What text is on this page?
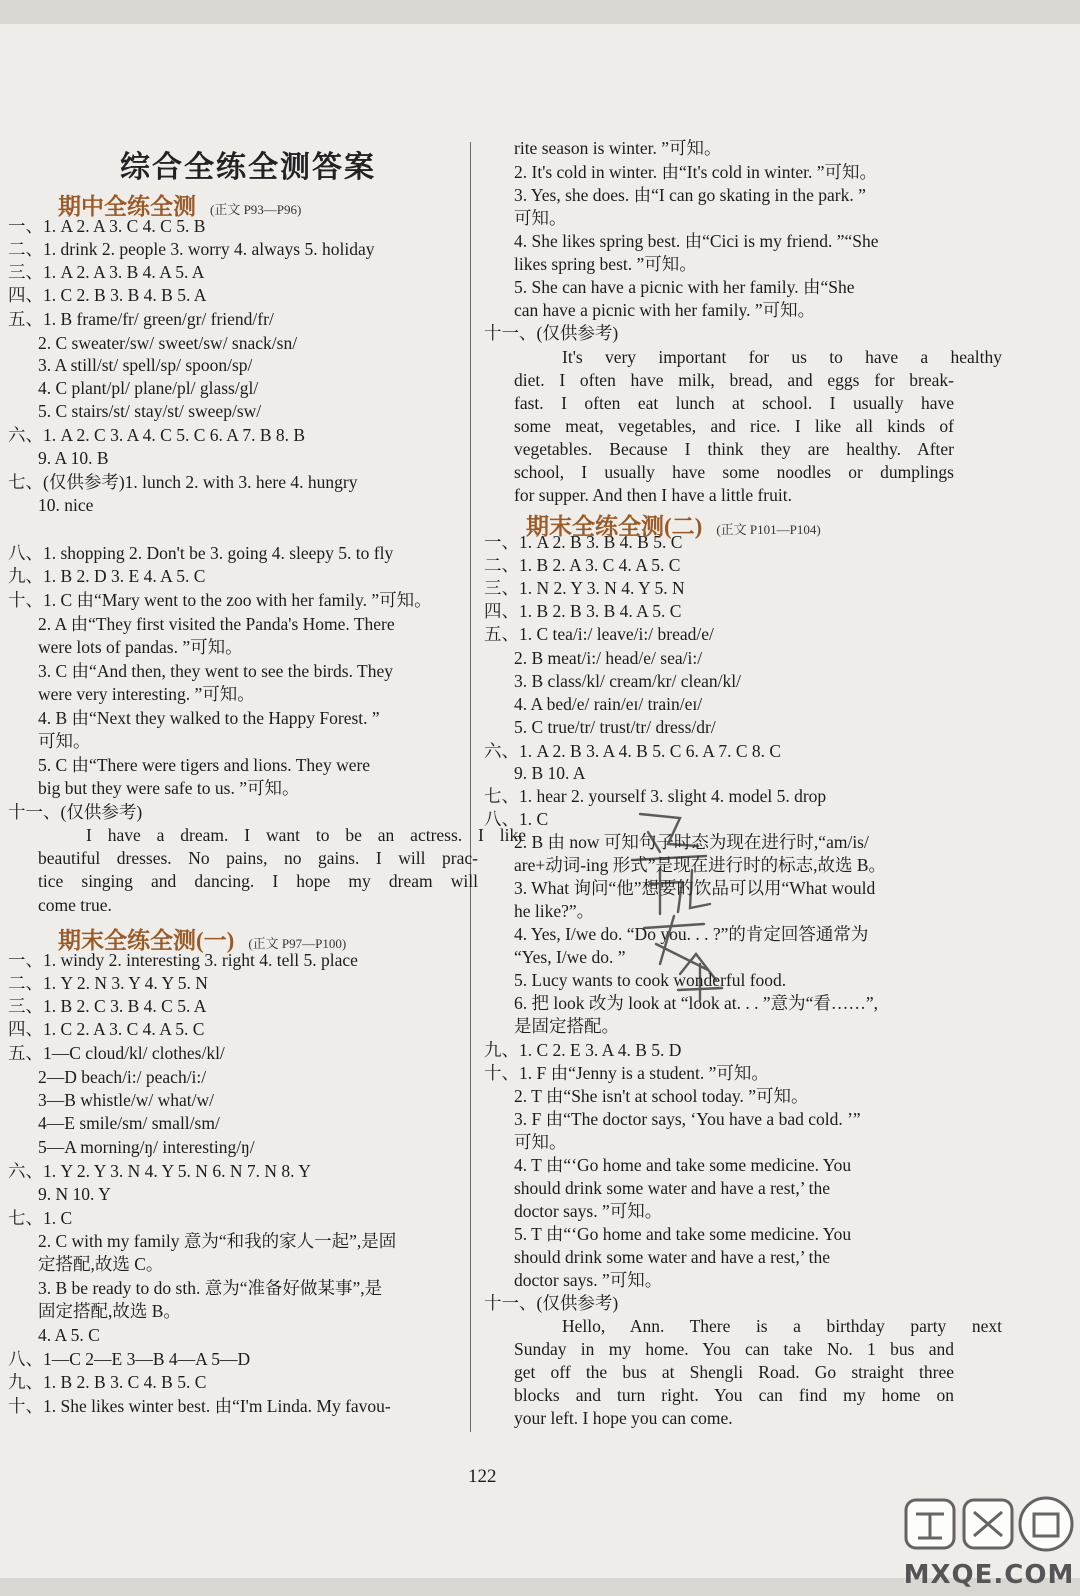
综合全练全测答案
一、1. A 2. A 3. C 4. C 5. B
二、1. drink 2. people 3. worry 4. always 5. holiday
三、1. A 2. A 3. B 4. A 5. A
四、1. C 2. B 3. B 4. B 5. A
五、1. B frame/fr/ green/gr/ friend/fr/
2. C sweater/sw/ sweet/sw/ snack/sn/
3. A still/st/ spell/sp/ spoon/sp/
4. C plant/pl/ plane/pl/ glass/gl/
5. C stairs/st/ stay/st/ sweep/sw/
六、1. A 2. C 3. A 4. C 5. C 6. A 7. B 8. B
9. A 10. B
七、(仅供参考)1. lunch 2. with 3. here 4. hungry
10. nice
八、1. shopping 2. Don't be 3. going 4. sleepy 5. to fly
九、1. B 2. D 3. E 4. A 5. C
十、1. C 由“Mary went to the zoo with her family. ”可知。
2. A 由“They first visited the Panda's Home. There
were lots of pandas. ”可知。
3. C 由“And then, they went to see the birds. They
were very interesting. ”可知。
4. B 由“Next they walked to the Happy Forest. ”
可知。
5. C 由“There were tigers and lions. They were
big but they were safe to us. ”可知。
十一、(仅供参考)
I have a dream. I want to be an actress. I like
beautiful dresses. No pains, no gains. I will prac-
tice singing and dancing. I hope my dream will
come true.
一、1. windy 2. interesting 3. right 4. tell 5. place
二、1. Y 2. N 3. Y 4. Y 5. N
三、1. B 2. C 3. B 4. C 5. A
四、1. C 2. A 3. C 4. A 5. C
五、1—C cloud/kl/ clothes/kl/
2—D beach/i:/ peach/i:/
3—B whistle/w/ what/w/
4—E smile/sm/ small/sm/
5—A morning/ŋ/ interesting/ŋ/
六、1. Y 2. Y 3. N 4. Y 5. N 6. N 7. N 8. Y
9. N 10. Y
七、1. C
2. C with my family 意为“和我的家人一起”,是固
定搭配,故选 C。
3. B be ready to do sth. 意为“准备好做某事”,是
固定搭配,故选 B。
4. A 5. C
八、1—C 2—E 3—B 4—A 5—D
九、1. B 2. B 3. C 4. B 5. C
十、1. She likes winter best. 由“I'm Linda. My favou-
rite season is winter. ”可知。
2. It's cold in winter. 由“It's cold in winter. ”可知。
3. Yes, she does. 由“I can go skating in the park. ”
可知。
4. She likes spring best. 由“Cici is my friend. ”“She
likes spring best. ”可知。
5. She can have a picnic with her family. 由“She
can have a picnic with her family. ”可知。
十一、(仅供参考)
It's very important for us to have a healthy
diet. I often have milk, bread, and eggs for break-
fast. I often eat lunch at school. I usually have
some meat, vegetables, and rice. I like all kinds of
vegetables. Because I think they are healthy. After
school, I usually have some noodles or dumplings
for supper. And then I have a little fruit.
一、1. A 2. B 3. B 4. B 5. C
二、1. B 2. A 3. C 4. A 5. C
三、1. N 2. Y 3. N 4. Y 5. N
四、1. B 2. B 3. B 4. A 5. C
五、1. C tea/i:/ leave/i:/ bread/e/
2. B meat/i:/ head/e/ sea/i:/
3. B class/kl/ cream/kr/ clean/kl/
4. A bed/e/ rain/eɪ/ train/eɪ/
5. C true/tr/ trust/tr/ dress/dr/
六、1. A 2. B 3. A 4. B 5. C 6. A 7. C 8. C
9. B 10. A
七、1. hear 2. yourself 3. slight 4. model 5. drop
八、1. C
2. B 由 now 可知句子时态为现在进行时,“am/is/
are+动词-ing 形式”是现在进行时的标志,故选 B。
3. What 询问“他”想要的饮品可以用“What would
he like?”。
4. Yes, I/we do. “Do you. . . ?”的肯定回答通常为
“Yes, I/we do. ”
5. Lucy wants to cook wonderful food.
6. 把 look 改为 look at “look at. . . ”意为“看……”,
是固定搭配。
九、1. C 2. E 3. A 4. B 5. D
十、1. F 由“Jenny is a student. ”可知。
2. T 由“She isn't at school today. ”可知。
3. F 由“The doctor says, ‘You have a bad cold. ’”
可知。
4. T 由“‘Go home and take some medicine. You
should drink some water and have a rest,’ the
doctor says. ”可知。
5. T 由“‘Go home and take some medicine. You
should drink some water and have a rest,’ the
doctor says. ”可知。
十一、(仅供参考)
Hello, Ann. There is a birthday party next
Sunday in my home. You can take No. 1 bus and
get off the bus at Shengli Road. Go straight three
blocks and turn right. You can find my home on
your left. I hope you can come.
期中全练全测 (正文 P93—P96)
期末全练全测(一) (正文 P97—P100)
期末全练全测(二) (正文 P101—P104)
122
MXQE.COM
